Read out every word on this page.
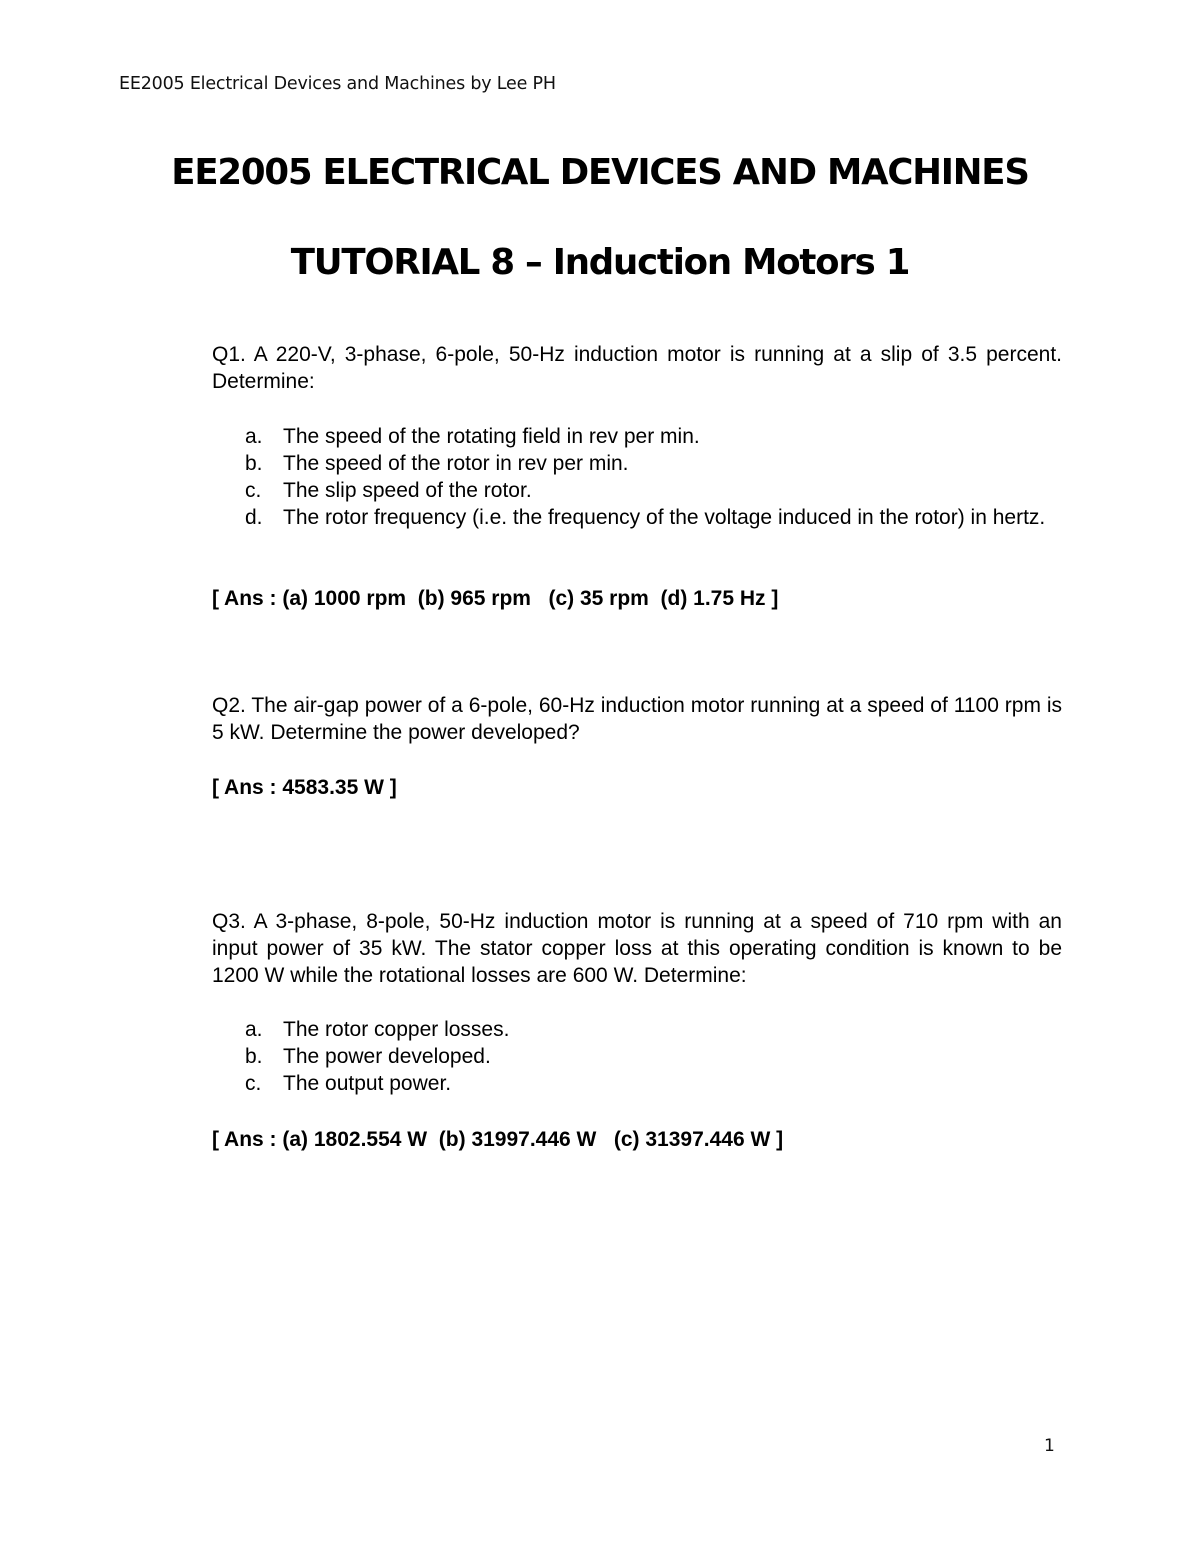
EE2005 Electrical Devices and Machines by Lee PH
EE2005 ELECTRICAL DEVICES AND MACHINES
TUTORIAL 8 – Induction Motors 1
Q1. A 220-V, 3-phase, 6-pole, 50-Hz induction motor is running at a slip of 3.5 percent. Determine:
a. The speed of the rotating field in rev per min.
b. The speed of the rotor in rev per min.
c. The slip speed of the rotor.
d. The rotor frequency (i.e. the frequency of the voltage induced in the rotor) in hertz.
[ Ans : (a) 1000 rpm  (b) 965 rpm   (c) 35 rpm  (d) 1.75 Hz ]
Q2. The air-gap power of a 6-pole, 60-Hz induction motor running at a speed of 1100 rpm is 5 kW. Determine the power developed?
[ Ans : 4583.35 W ]
Q3. A 3-phase, 8-pole, 50-Hz induction motor is running at a speed of 710 rpm with an input power of 35 kW. The stator copper loss at this operating condition is known to be 1200 W while the rotational losses are 600 W. Determine:
a. The rotor copper losses.
b. The power developed.
c. The output power.
[ Ans : (a) 1802.554 W  (b) 31997.446 W   (c) 31397.446 W ]
1
